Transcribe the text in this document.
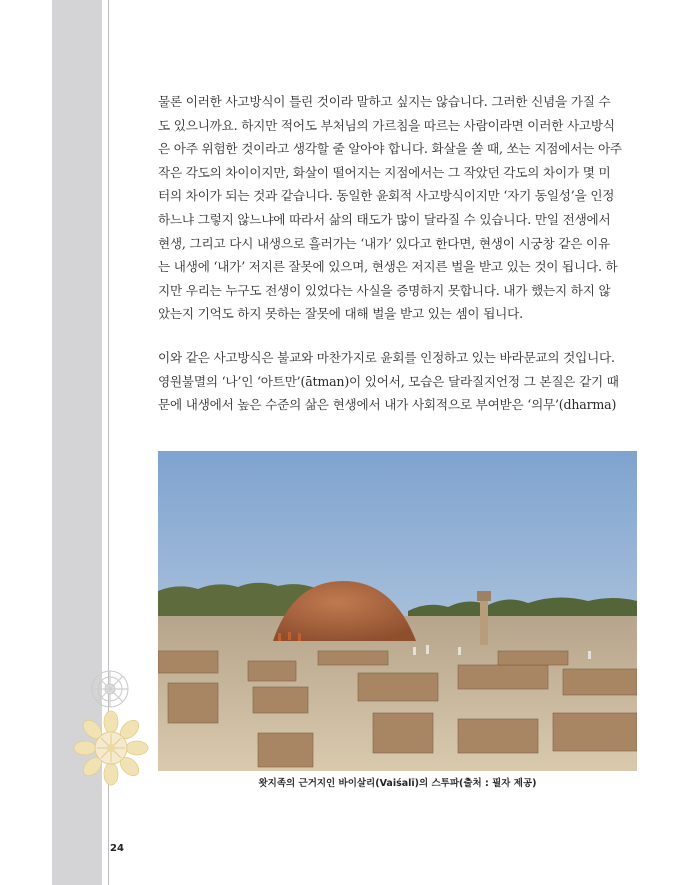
물론 이러한 사고방식이 틀린 것이라 말하고 싶지는 않습니다. 그러한 신념을 가질 수
도 있으니까요. 하지만 적어도 부처님의 가르침을 따르는 사람이라면 이러한 사고방식
은 아주 위험한 것이라고 생각할 줄 알아야 합니다. 화살을 쏠 때, 쏘는 지점에서는 아주
작은 각도의 차이이지만, 화살이 떨어지는 지점에서는 그 작았던 각도의 차이가 몇 미
터의 차이가 되는 것과 같습니다. 동일한 윤회적 사고방식이지만 ‘자기 동일성’을 인정
하느냐 그렇지 않느냐에 따라서 삶의 태도가 많이 달라질 수 있습니다. 만일 전생에서
현생, 그리고 다시 내생으로 흘러가는 ‘내가’ 있다고 한다면, 현생이 시궁창 같은 이유
는 내생에 ‘내가’ 저지른 잘못에 있으며, 현생은 저지른 벌을 받고 있는 것이 됩니다. 하
지만 우리는 누구도 전생이 있었다는 사실을 증명하지 못합니다. 내가 했는지 하지 않
았는지 기억도 하지 못하는 잘못에 대해 벌을 받고 있는 셈이 됩니다.

이와 같은 사고방식은 불교와 마찬가지로 윤회를 인정하고 있는 바라문교의 것입니다.
영원불멸의 ‘나’인 ‘아트만’(ātman)이 있어서, 모습은 달라질지언정 그 본질은 같기 때
문에 내생에서 높은 수준의 삶은 현생에서 내가 사회적으로 부여받은 ‘의무’(dharma)

왓지족의 근거지인 바이살리(Vaiśalī)의 스투파(출처 : 필자 제공)
24
